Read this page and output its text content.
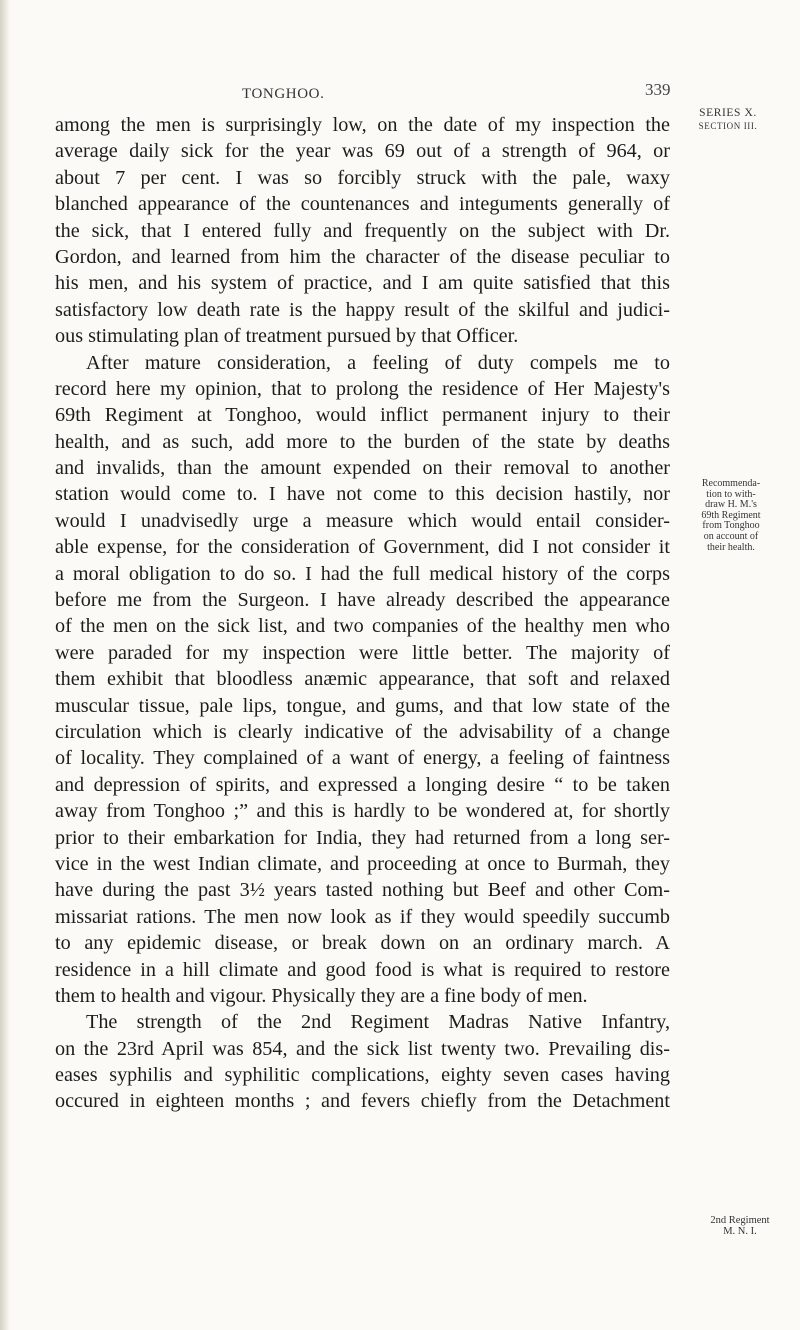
TONGHOO.	339
SERIES X.
SECTION III.
Recommenda-
tion to with-
draw H. M.'s
69th Regiment
from Tonghoo
on account of
their health.
2nd Regiment
M. N. I.
among the men is surprisingly low, on the date of my inspection the
average daily sick for the year was 69 out of a strength of 964, or
about 7 per cent. I was so forcibly struck with the pale, waxy
blanched appearance of the countenances and integuments generally of
the sick, that I entered fully and frequently on the subject with Dr.
Gordon, and learned from him the character of the disease peculiar to
his men, and his system of practice, and I am quite satisfied that this
satisfactory low death rate is the happy result of the skilful and judici-
ous stimulating plan of treatment pursued by that Officer.
After mature consideration, a feeling of duty compels me to
record here my opinion, that to prolong the residence of Her Majesty's
69th Regiment at Tonghoo, would inflict permanent injury to their
health, and as such, add more to the burden of the state by deaths
and invalids, than the amount expended on their removal to another
station would come to. I have not come to this decision hastily, nor
would I unadvisedly urge a measure which would entail consider-
able expense, for the consideration of Government, did I not consider it
a moral obligation to do so. I had the full medical history of the corps
before me from the Surgeon. I have already described the appearance
of the men on the sick list, and two companies of the healthy men who
were paraded for my inspection were little better. The majority of
them exhibit that bloodless anæmic appearance, that soft and relaxed
muscular tissue, pale lips, tongue, and gums, and that low state of the
circulation which is clearly indicative of the advisability of a change
of locality. They complained of a want of energy, a feeling of faintness
and depression of spirits, and expressed a longing desire “ to be taken
away from Tonghoo ;” and this is hardly to be wondered at, for shortly
prior to their embarkation for India, they had returned from a long ser-
vice in the west Indian climate, and proceeding at once to Burmah, they
have during the past 3½ years tasted nothing but Beef and other Com-
missariat rations. The men now look as if they would speedily succumb
to any epidemic disease, or break down on an ordinary march. A
residence in a hill climate and good food is what is required to restore
them to health and vigour. Physically they are a fine body of men.
The strength of the 2nd Regiment Madras Native Infantry,
on the 23rd April was 854, and the sick list twenty two. Prevailing dis-
eases syphilis and syphilitic complications, eighty seven cases having
occured in eighteen months ; and fevers chiefly from the Detachment
